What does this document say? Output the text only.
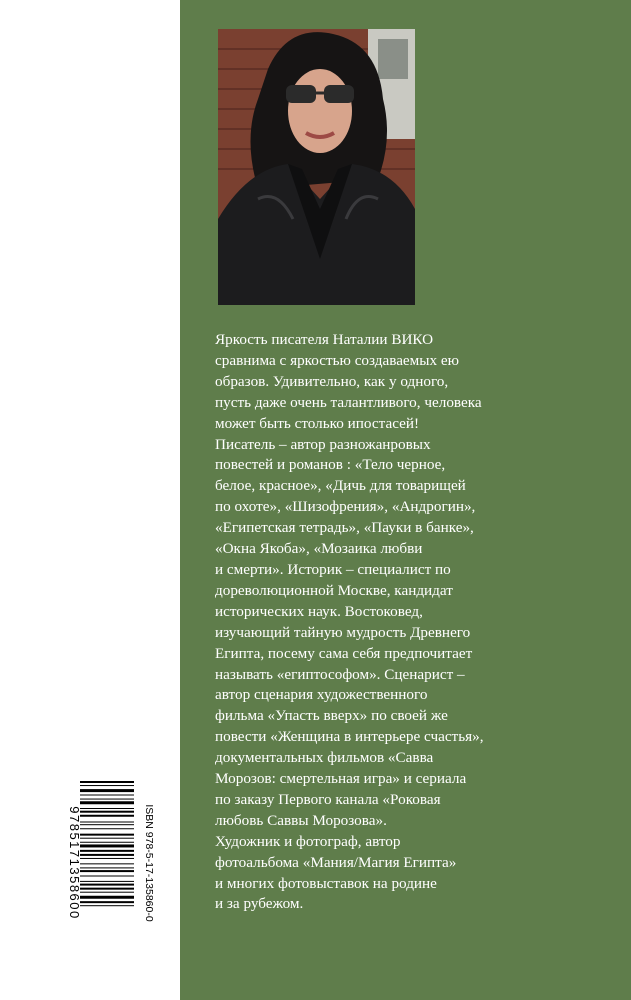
Яркость писателя Наталии ВИКО
сравнима с яркостью создаваемых ею
образов. Удивительно, как у одного,
пусть даже очень талантливого, человека
может быть столько ипостасей!
Писатель – автор разножанровых
повестей и романов : «Тело черное,
белое, красное», «Дичь для товарищей
по охоте», «Шизофрения», «Андрогин»,
«Египетская тетрадь», «Пауки в банке»,
«Окна Якоба», «Мозаика любви
и смерти». Историк – специалист по
дореволюционной Москве, кандидат
исторических наук. Востоковед,
изучающий тайную мудрость Древнего
Египта, посему сама себя предпочитает
называть «египтософом». Сценарист –
автор сценария художественного
фильма «Упасть вверх» по своей же
повести «Женщина в интерьере счастья»,
документальных фильмов «Савва
Морозов: смертельная игра» и сериала
по заказу Первого канала «Роковая
любовь Саввы Морозова».
Художник и фотограф, автор
фотоальбома «Мания/Магия Египта»
и многих фотовыставок на родине
и за рубежом.

ISBN 978-5-17-135860-0
9785171358600
